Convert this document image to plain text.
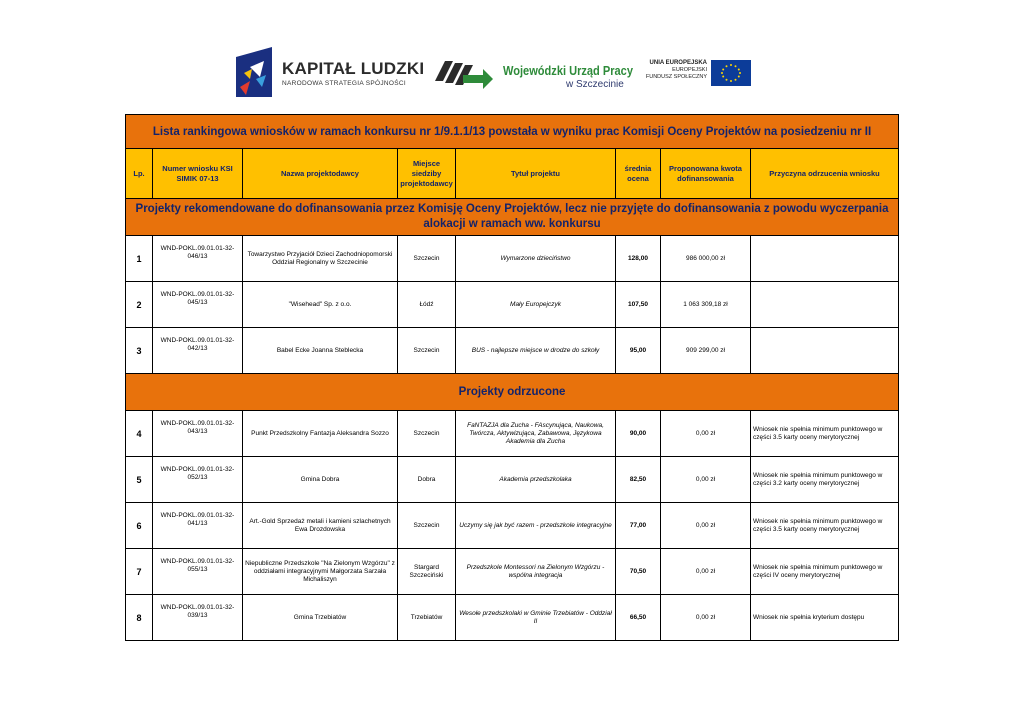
KAPITAŁ LUDZKI
NARODOWA STRATEGIA SPÓJNOŚCI
Wojewódzki Urząd Pracy
w Szczecinie
UNIA EUROPEJSKA
EUROPEJSKI
FUNDUSZ SPOŁECZNY
Lista rankingowa wniosków w ramach konkursu nr 1/9.1.1/13 powstała w wyniku prac Komisji Oceny Projektów na posiedzeniu nr II							
Lp.	Numer wniosku KSI SIMIK 07-13	Nazwa projektodawcy	Miejsce siedziby projektodawcy	Tytuł projektu	średnia ocena	Proponowana kwota dofinansowania	Przyczyna odrzucenia wniosku
Projekty rekomendowane do dofinansowania przez Komisję Oceny Projektów, lecz nie przyjęte do dofinansowania z powodu wyczerpania alokacji w ramach ww. konkursu							
1	WND-POKL.09.01.01-32-046/13	Towarzystwo Przyjaciół Dzieci Zachodniopomorski Oddział Regionalny w Szczecinie	Szczecin	Wymarzone dzieciństwo	128,00	986 000,00 zł	
2	WND-POKL.09.01.01-32-045/13	"Wisehead" Sp. z o.o.	Łódź	Mały Europejczyk	107,50	1 063 309,18 zł	
3	WND-POKL.09.01.01-32-042/13	Babel Ecke Joanna Steblecka	Szczecin	BUS - najlepsze miejsce w drodze do szkoły	95,00	909 299,00 zł	
Projekty odrzucone							
4	WND-POKL.09.01.01-32-043/13	Punkt Przedszkolny Fantazja Aleksandra Sozzo	Szczecin	FaNTAZJA dla Zucha - FAscynująca, Naukowa, Twórcza, Aktywizująca, Zabawowa, Językowa Akademia dla Zucha	90,00	0,00 zł	Wniosek nie spełnia minimum punktowego w części 3.5 karty oceny merytorycznej
5	WND-POKL.09.01.01-32-052/13	Gmina Dobra	Dobra	Akademia przedszkolaka	82,50	0,00 zł	Wniosek nie spełnia minimum punktowego w części 3.2 karty oceny merytorycznej
6	WND-POKL.09.01.01-32-041/13	Art.-Gold Sprzedaż metali i kamieni szlachetnych Ewa Drozdowska	Szczecin	Uczymy się jak być razem - przedszkole integracyjne	77,00	0,00 zł	Wniosek nie spełnia minimum punktowego w części 3.5 karty oceny merytorycznej
7	WND-POKL.09.01.01-32-055/13	Niepubliczne Przedszkole "Na Zielonym Wzgórzu" z oddziałami integracyjnymi Małgorzata Sarzała Michaliszyn	Stargard Szczeciński	Przedszkole Montessori na Zielonym Wzgórzu - wspólna integracja	70,50	0,00 zł	Wniosek nie spełnia minimum punktowego w części IV oceny merytorycznej
8	WND-POKL.09.01.01-32-039/13	Gmina Trzebiatów	Trzebiatów	Wesołe przedszkolaki w Gminie Trzebiatów - Oddział II	66,50	0,00 zł	Wniosek nie spełnia kryterium dostępu
